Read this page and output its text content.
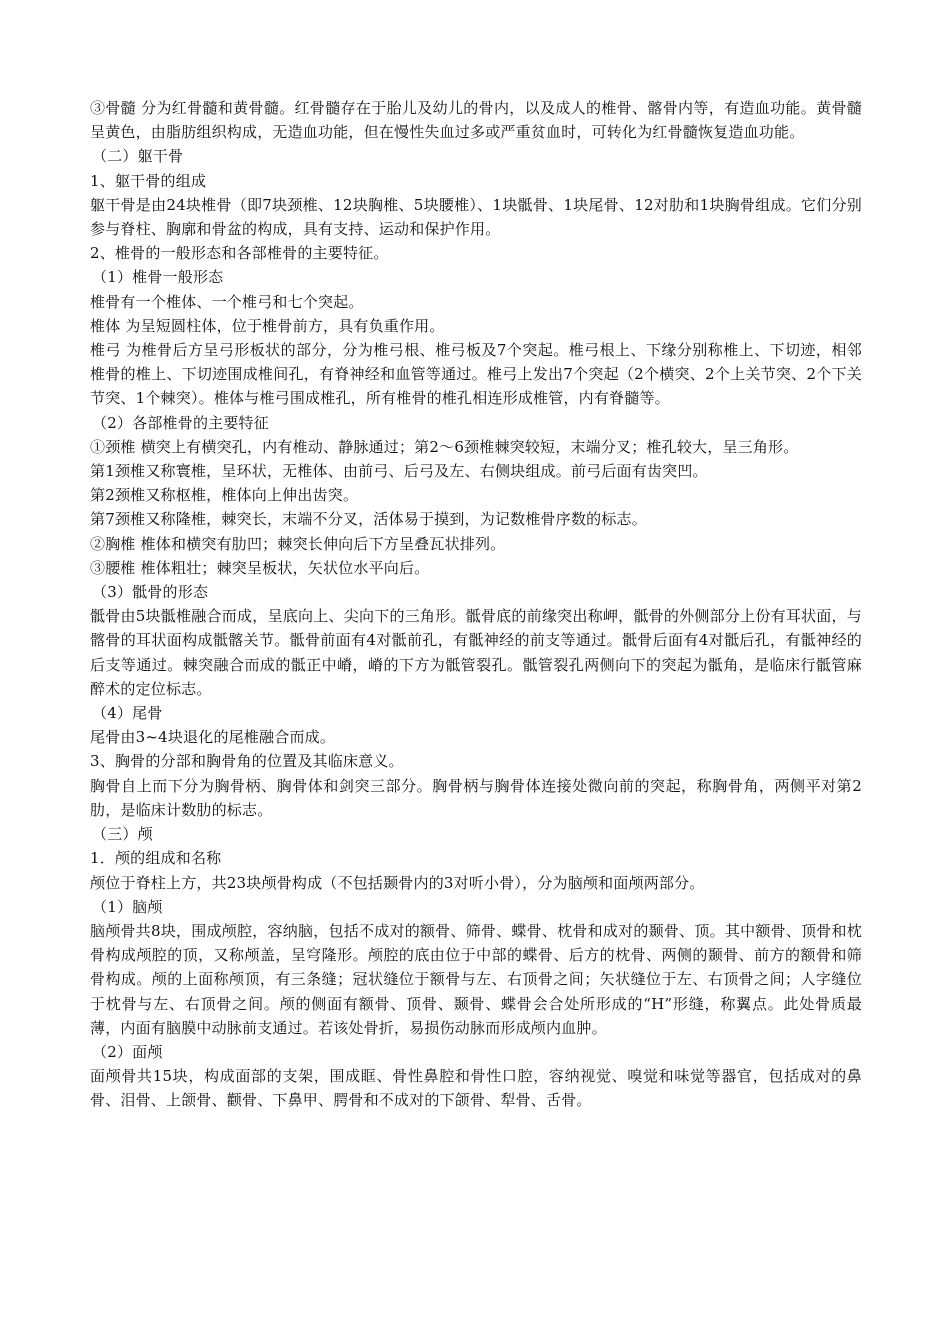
③骨髓 分为红骨髓和黄骨髓。红骨髓存在于胎儿及幼儿的骨内，以及成人的椎骨、髂骨内等，有造血功能。黄骨髓呈黄色，由脂肪组织构成，无造血功能，但在慢性失血过多或严重贫血时，可转化为红骨髓恢复造血功能。

（二）躯干骨

1、躯干骨的组成

躯干骨是由24块椎骨（即7块颈椎、12块胸椎、5块腰椎）、1块骶骨、1块尾骨、12对肋和1块胸骨组成。它们分别参与脊柱、胸廓和骨盆的构成，具有支持、运动和保护作用。

2、椎骨的一般形态和各部椎骨的主要特征。

（1）椎骨一般形态

椎骨有一个椎体、一个椎弓和七个突起。

椎体 为呈短圆柱体，位于椎骨前方，具有负重作用。

椎弓 为椎骨后方呈弓形板状的部分，分为椎弓根、椎弓板及7个突起。椎弓根上、下缘分别称椎上、下切迹，相邻椎骨的椎上、下切迹围成椎间孔，有脊神经和血管等通过。椎弓上发出7个突起（2个横突、2个上关节突、2个下关节突、1个棘突）。椎体与椎弓围成椎孔，所有椎骨的椎孔相连形成椎管，内有脊髓等。

（2）各部椎骨的主要特征

①颈椎 横突上有横突孔，内有椎动、静脉通过；第2～6颈椎棘突较短，末端分叉；椎孔较大，呈三角形。

第1颈椎又称寰椎，呈环状，无椎体、由前弓、后弓及左、右侧块组成。前弓后面有齿突凹。

第2颈椎又称枢椎，椎体向上伸出齿突。

第7颈椎又称隆椎，棘突长，末端不分叉，活体易于摸到，为记数椎骨序数的标志。

②胸椎 椎体和横突有肋凹；棘突长伸向后下方呈叠瓦状排列。

③腰椎 椎体粗壮；棘突呈板状，矢状位水平向后。

（3）骶骨的形态

骶骨由5块骶椎融合而成，呈底向上、尖向下的三角形。骶骨底的前缘突出称岬，骶骨的外侧部分上份有耳状面，与髂骨的耳状面构成骶髂关节。骶骨前面有4对骶前孔，有骶神经的前支等通过。骶骨后面有4对骶后孔，有骶神经的后支等通过。棘突融合而成的骶正中嵴，嵴的下方为骶管裂孔。骶管裂孔两侧向下的突起为骶角，是临床行骶管麻醉术的定位标志。

（4）尾骨

尾骨由3~4块退化的尾椎融合而成。

3、胸骨的分部和胸骨角的位置及其临床意义。

胸骨自上而下分为胸骨柄、胸骨体和剑突三部分。胸骨柄与胸骨体连接处微向前的突起，称胸骨角，两侧平对第2肋，是临床计数肋的标志。

（三）颅

1．颅的组成和名称

颅位于脊柱上方，共23块颅骨构成（不包括颞骨内的3对听小骨），分为脑颅和面颅两部分。

（1）脑颅

脑颅骨共8块，围成颅腔，容纳脑，包括不成对的额骨、筛骨、蝶骨、枕骨和成对的颞骨、顶。其中额骨、顶骨和枕骨构成颅腔的顶，又称颅盖，呈穹隆形。颅腔的底由位于中部的蝶骨、后方的枕骨、两侧的颞骨、前方的额骨和筛骨构成。颅的上面称颅顶，有三条缝；冠状缝位于额骨与左、右顶骨之间；矢状缝位于左、右顶骨之间；人字缝位于枕骨与左、右顶骨之间。颅的侧面有额骨、顶骨、颞骨、蝶骨会合处所形成的“H”形缝，称翼点。此处骨质最薄，内面有脑膜中动脉前支通过。若该处骨折，易损伤动脉而形成颅内血肿。

（2）面颅

面颅骨共15块，构成面部的支架，围成眶、骨性鼻腔和骨性口腔，容纳视觉、嗅觉和味觉等器官，包括成对的鼻骨、泪骨、上颌骨、颧骨、下鼻甲、腭骨和不成对的下颌骨、犁骨、舌骨。
